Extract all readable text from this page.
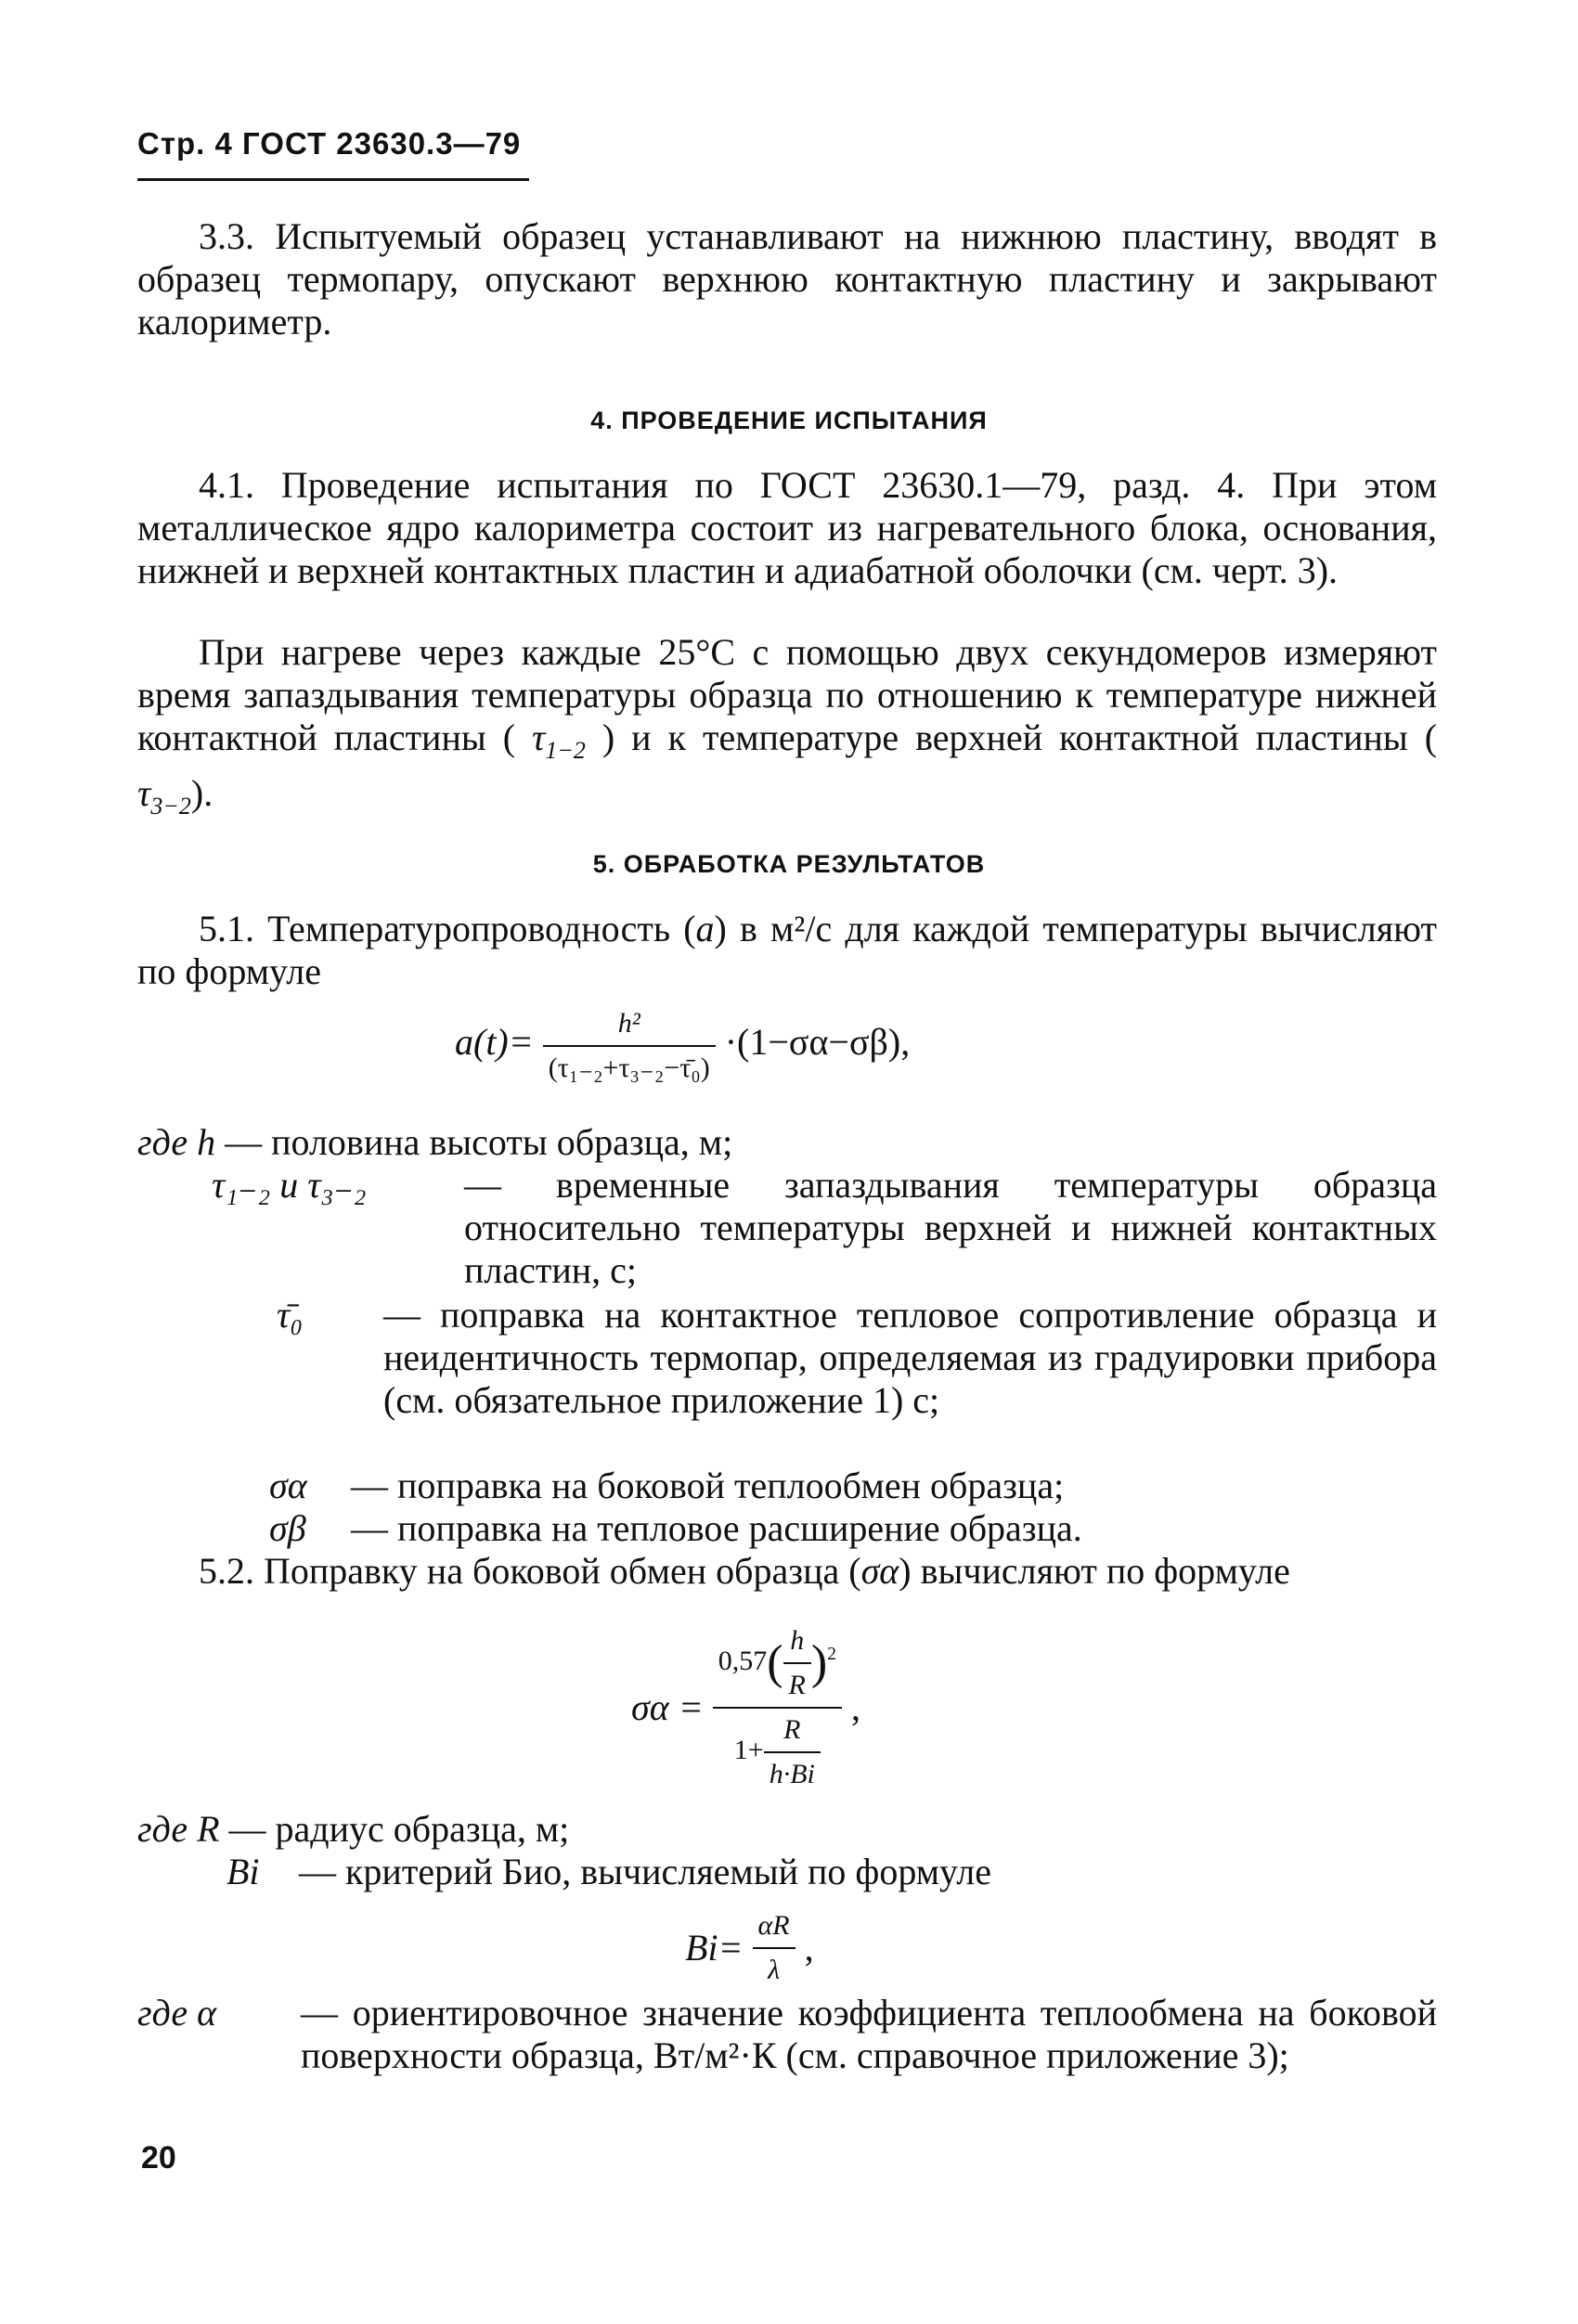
Стр. 4 ГОСТ 23630.3—79
3.3. Испытуемый образец устанавливают на нижнюю пластину, вводят в образец термопару, опускают верхнюю контактную пластину и закрывают калориметр.
4. ПРОВЕДЕНИЕ ИСПЫТАНИЯ
4.1. Проведение испытания по ГОСТ 23630.1—79, разд. 4. При этом металлическое ядро калориметра состоит из нагревательного блока, основания, нижней и верхней контактных пластин и адиабатной оболочки (см. черт. 3).
При нагреве через каждые 25°С с помощью двух секундомеров измеряют время запаздывания температуры образца по отношению к температуре нижней контактной пластины ( $\tau_{1-2}$ ) и к температуре верхней контактной пластины ( $\tau_{3-2}$).
5. ОБРАБОТКА РЕЗУЛЬТАТОВ
5.1. Температуропроводность (a) в м²/с для каждой температуры вычисляют по формуле
$a(t)= \frac{\text{h²}}{\text{(τ₁₋₂+τ₃₋₂−τ̄₀)}} \cdot(1-\sigma\alpha-\sigma\beta)$,
где h — половина высоты образца, м;
τ₁₋₂ и τ₃₋₂	— временные запаздывания температуры образца относительно температуры верхней и нижней контактных пластин, с;
τ̄₀	— поправка на контактное тепловое сопротивление образца и неидентичность термопар, определяемая из градуировки прибора (см. обязательное приложение 1) с;
σα — поправка на боковой теплообмен образца;
σβ — поправка на тепловое расширение образца.
5.2. Поправку на боковой обмен образца (σα) вычисляют по формуле
$\sigma\alpha = \frac{0,57( \frac{h}{R} )^2}{1+ \frac{R}{h\cdot Bi}}$ ,
где R — радиус образца, м;
Bi — критерий Био, вычисляемый по формуле
$Bi= \frac{\alpha R}{\lambda}$ ,
где α	— ориентировочное значение коэффициента теплообмена на боковой поверхности образца, Вт/м²·К (см. справочное приложение 3);
20
